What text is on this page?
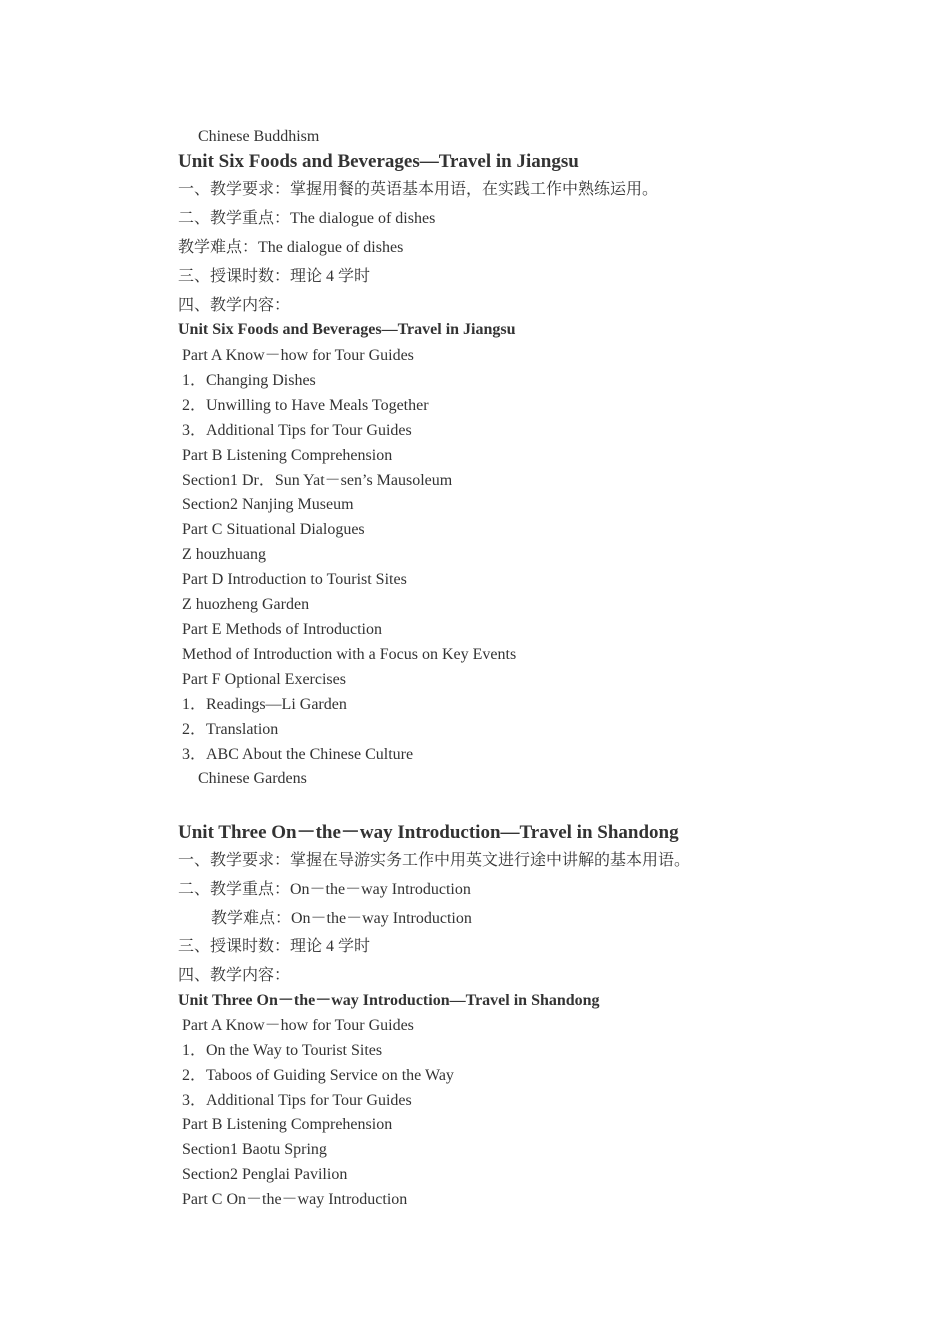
Chinese Buddhism
Unit Six Foods and Beverages—Travel in Jiangsu
一、教学要求：掌握用餐的英语基本用语，在实践工作中熟练运用。
二、教学重点：The dialogue of dishes
教学难点：The dialogue of dishes
三、授课时数：理论 4 学时
四、教学内容：
Unit Six Foods and Beverages—Travel in Jiangsu
Part A Know－how for Tour Guides
1．Changing Dishes
2．Unwilling to Have Meals Together
3．Additional Tips for Tour Guides
Part B Listening Comprehension
Section1 Dr．Sun Yat－sen’s Mausoleum
Section2 Nanjing Museum
Part C Situational Dialogues
Z houzhuang
Part D Introduction to Tourist Sites
Z huozheng Garden
Part E Methods of Introduction
Method of Introduction with a Focus on Key Events
Part F Optional Exercises
1．Readings—Li Garden
2．Translation
3．ABC About the Chinese Culture
Chinese Gardens
Unit Three On－the－way Introduction—Travel in Shandong
一、教学要求：掌握在导游实务工作中用英文进行途中讲解的基本用语。
二、教学重点：On－the－way Introduction
教学难点：On－the－way Introduction
三、授课时数：理论 4 学时
四、教学内容：
Unit Three On－the－way Introduction—Travel in Shandong
Part A Know－how for Tour Guides
1．On the Way to Tourist Sites
2．Taboos of Guiding Service on the Way
3．Additional Tips for Tour Guides
Part B Listening Comprehension
Section1 Baotu Spring
Section2 Penglai Pavilion
Part C On－the－way Introduction
